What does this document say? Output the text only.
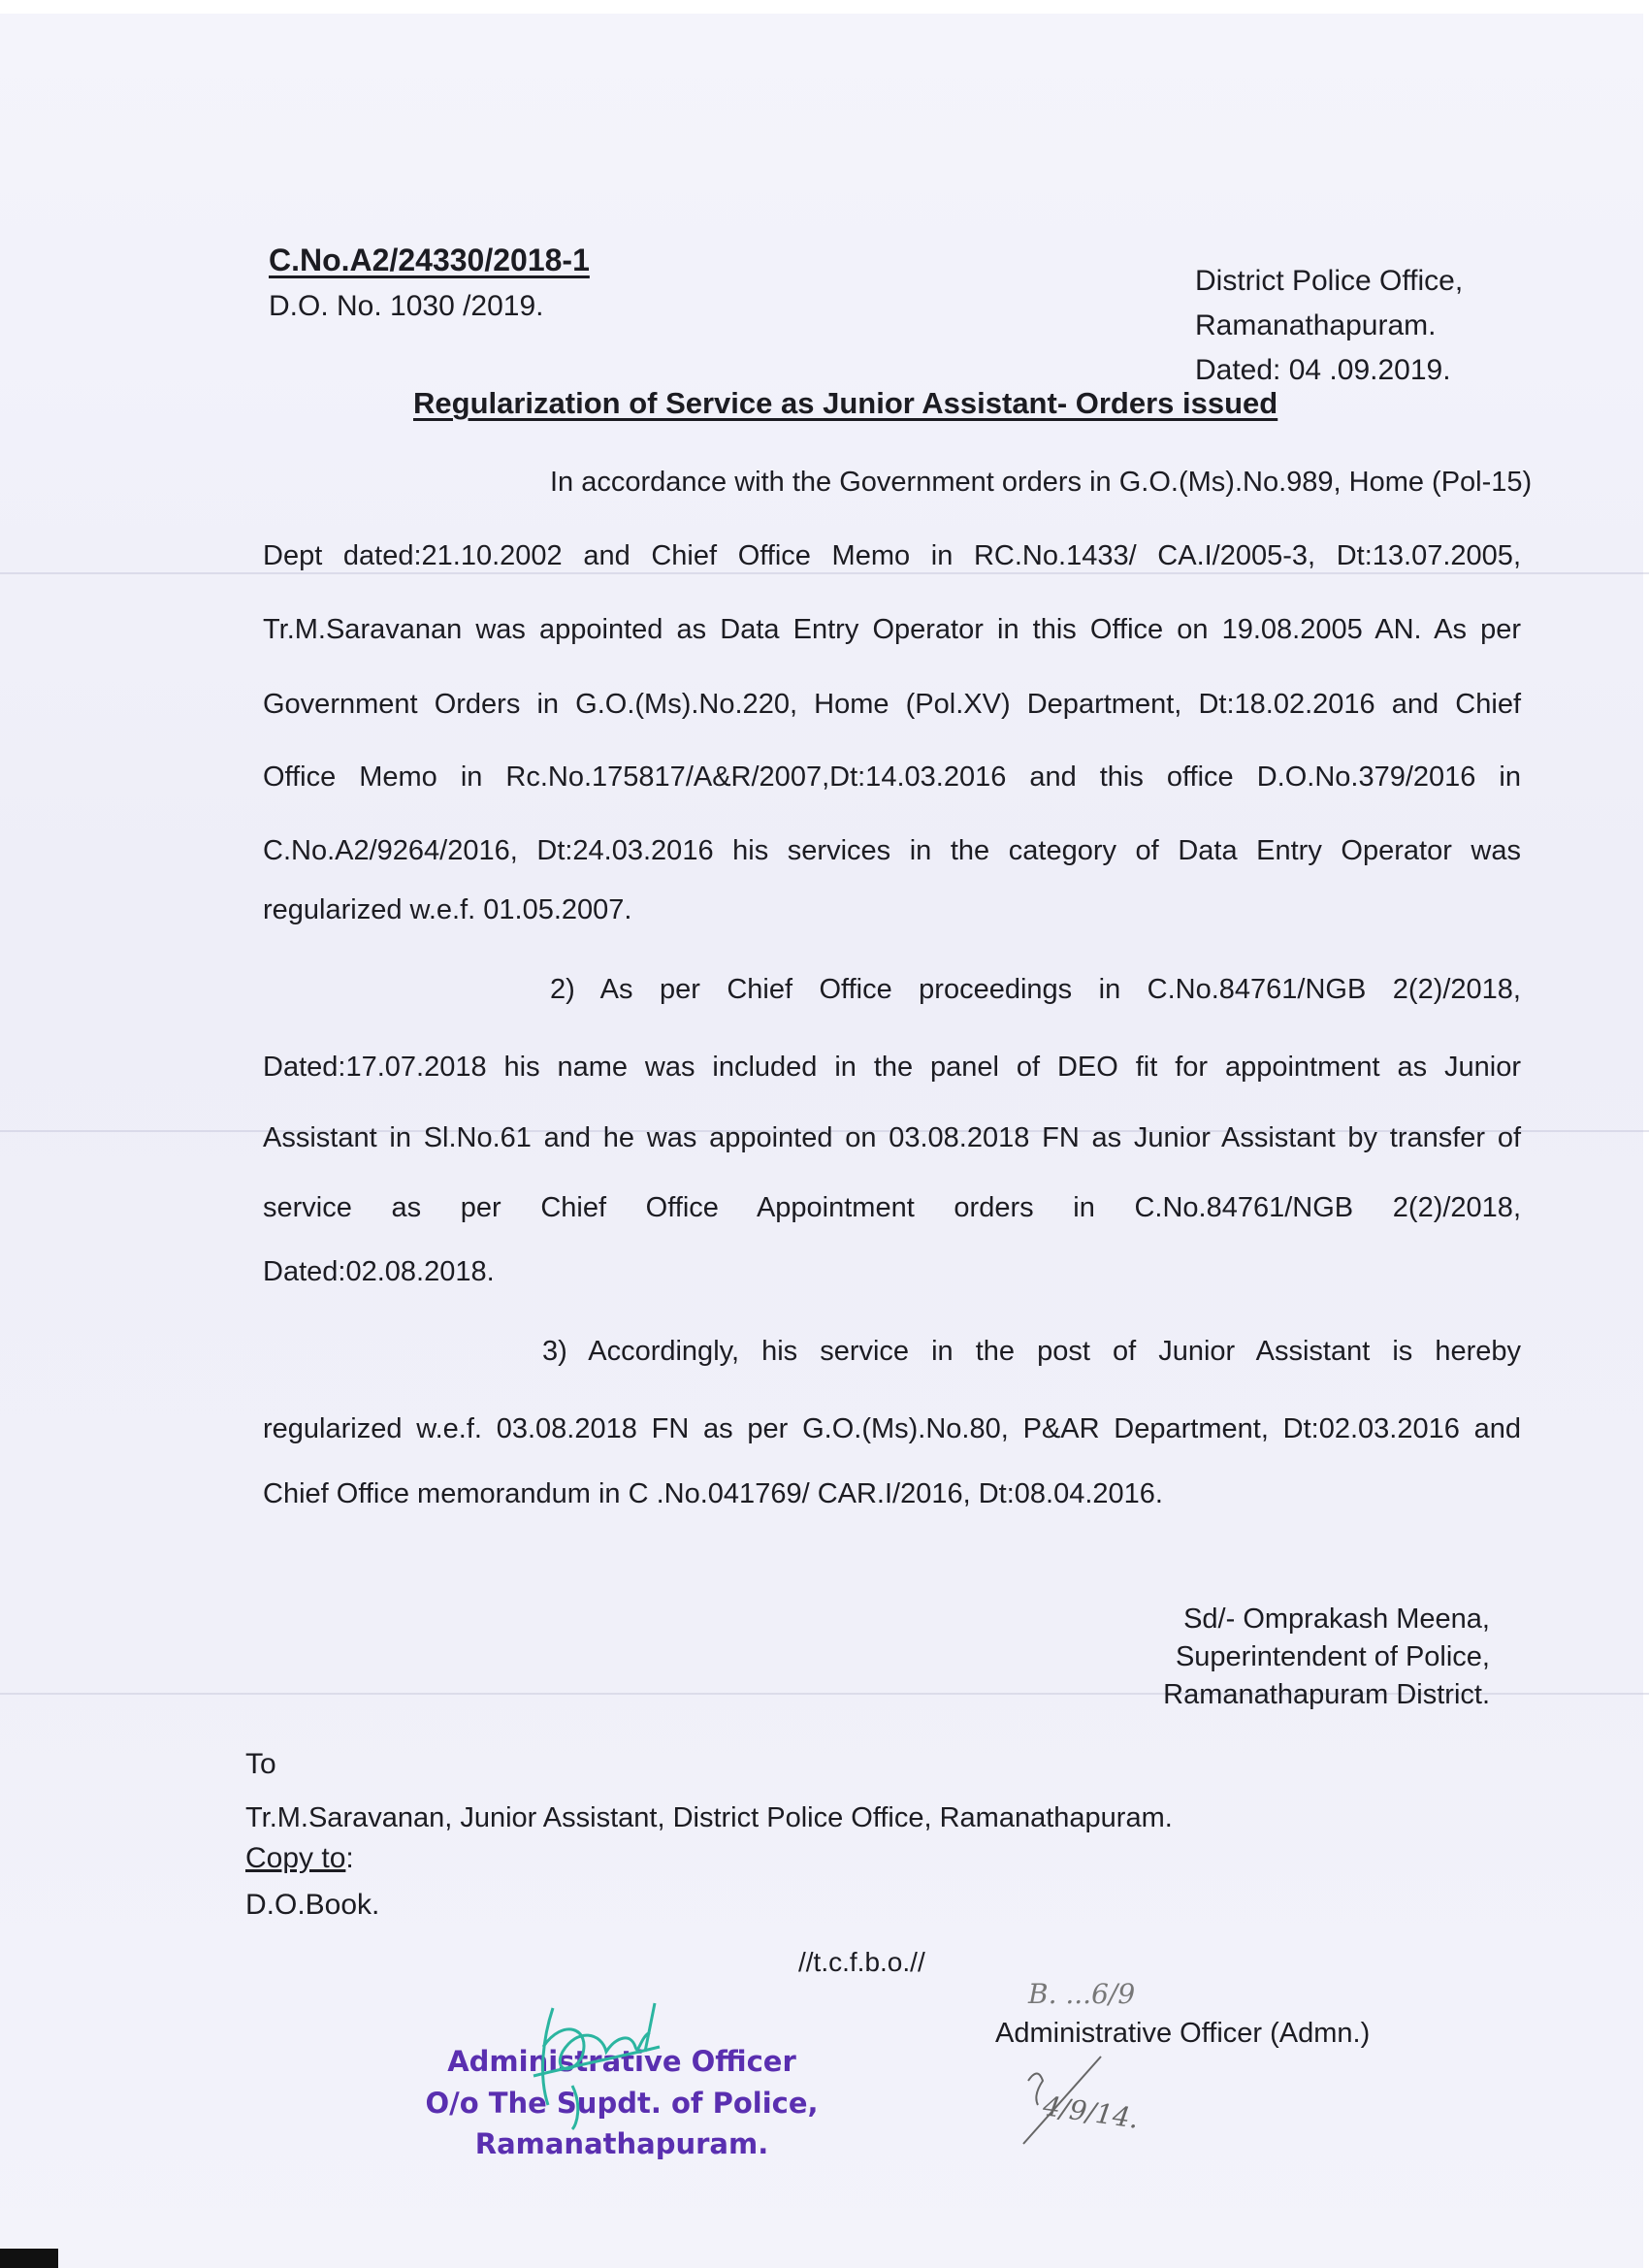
C.No.A2/24330/2018-1
D.O. No. 1030 /2019.
District Police Office,
Ramanathapuram.
Dated: 04 .09.2019.
Regularization of Service as Junior Assistant- Orders issued
In accordance with the Government orders in G.O.(Ms).No.989, Home (Pol-15)
Dept dated:21.10.2002 and Chief Office Memo in RC.No.1433/ CA.I/2005-3, Dt:13.07.2005,
Tr.M.Saravanan was appointed as Data Entry Operator in this Office on 19.08.2005 AN. As per
Government Orders in G.O.(Ms).No.220, Home (Pol.XV) Department, Dt:18.02.2016 and Chief
Office Memo in Rc.No.175817/A&R/2007,Dt:14.03.2016 and this office D.O.No.379/2016 in
C.No.A2/9264/2016, Dt:24.03.2016 his services in the category of Data Entry Operator was
regularized w.e.f. 01.05.2007.
2) As per Chief Office proceedings in C.No.84761/NGB 2(2)/2018,
Dated:17.07.2018 his name was included in the panel of DEO fit for appointment as Junior
Assistant in Sl.No.61 and he was appointed on 03.08.2018 FN as Junior Assistant by transfer of
service as per Chief Office Appointment orders in C.No.84761/NGB 2(2)/2018,
Dated:02.08.2018.
3) Accordingly, his service in the post of Junior Assistant is hereby
regularized w.e.f. 03.08.2018 FN as per G.O.(Ms).No.80, P&AR Department, Dt:02.03.2016 and
Chief Office memorandum in C .No.041769/ CAR.I/2016, Dt:08.04.2016.
Sd/- Omprakash Meena,
Superintendent of Police,
Ramanathapuram District.
To
Tr.M.Saravanan, Junior Assistant, District Police Office, Ramanathapuram.
Copy to:
D.O.Book.
//t.c.f.b.o.//
B. ...6/9
Administrative Officer (Admn.)
4/9/14.
Administrative Officer
O/o The Supdt. of Police,
Ramanathapuram.
